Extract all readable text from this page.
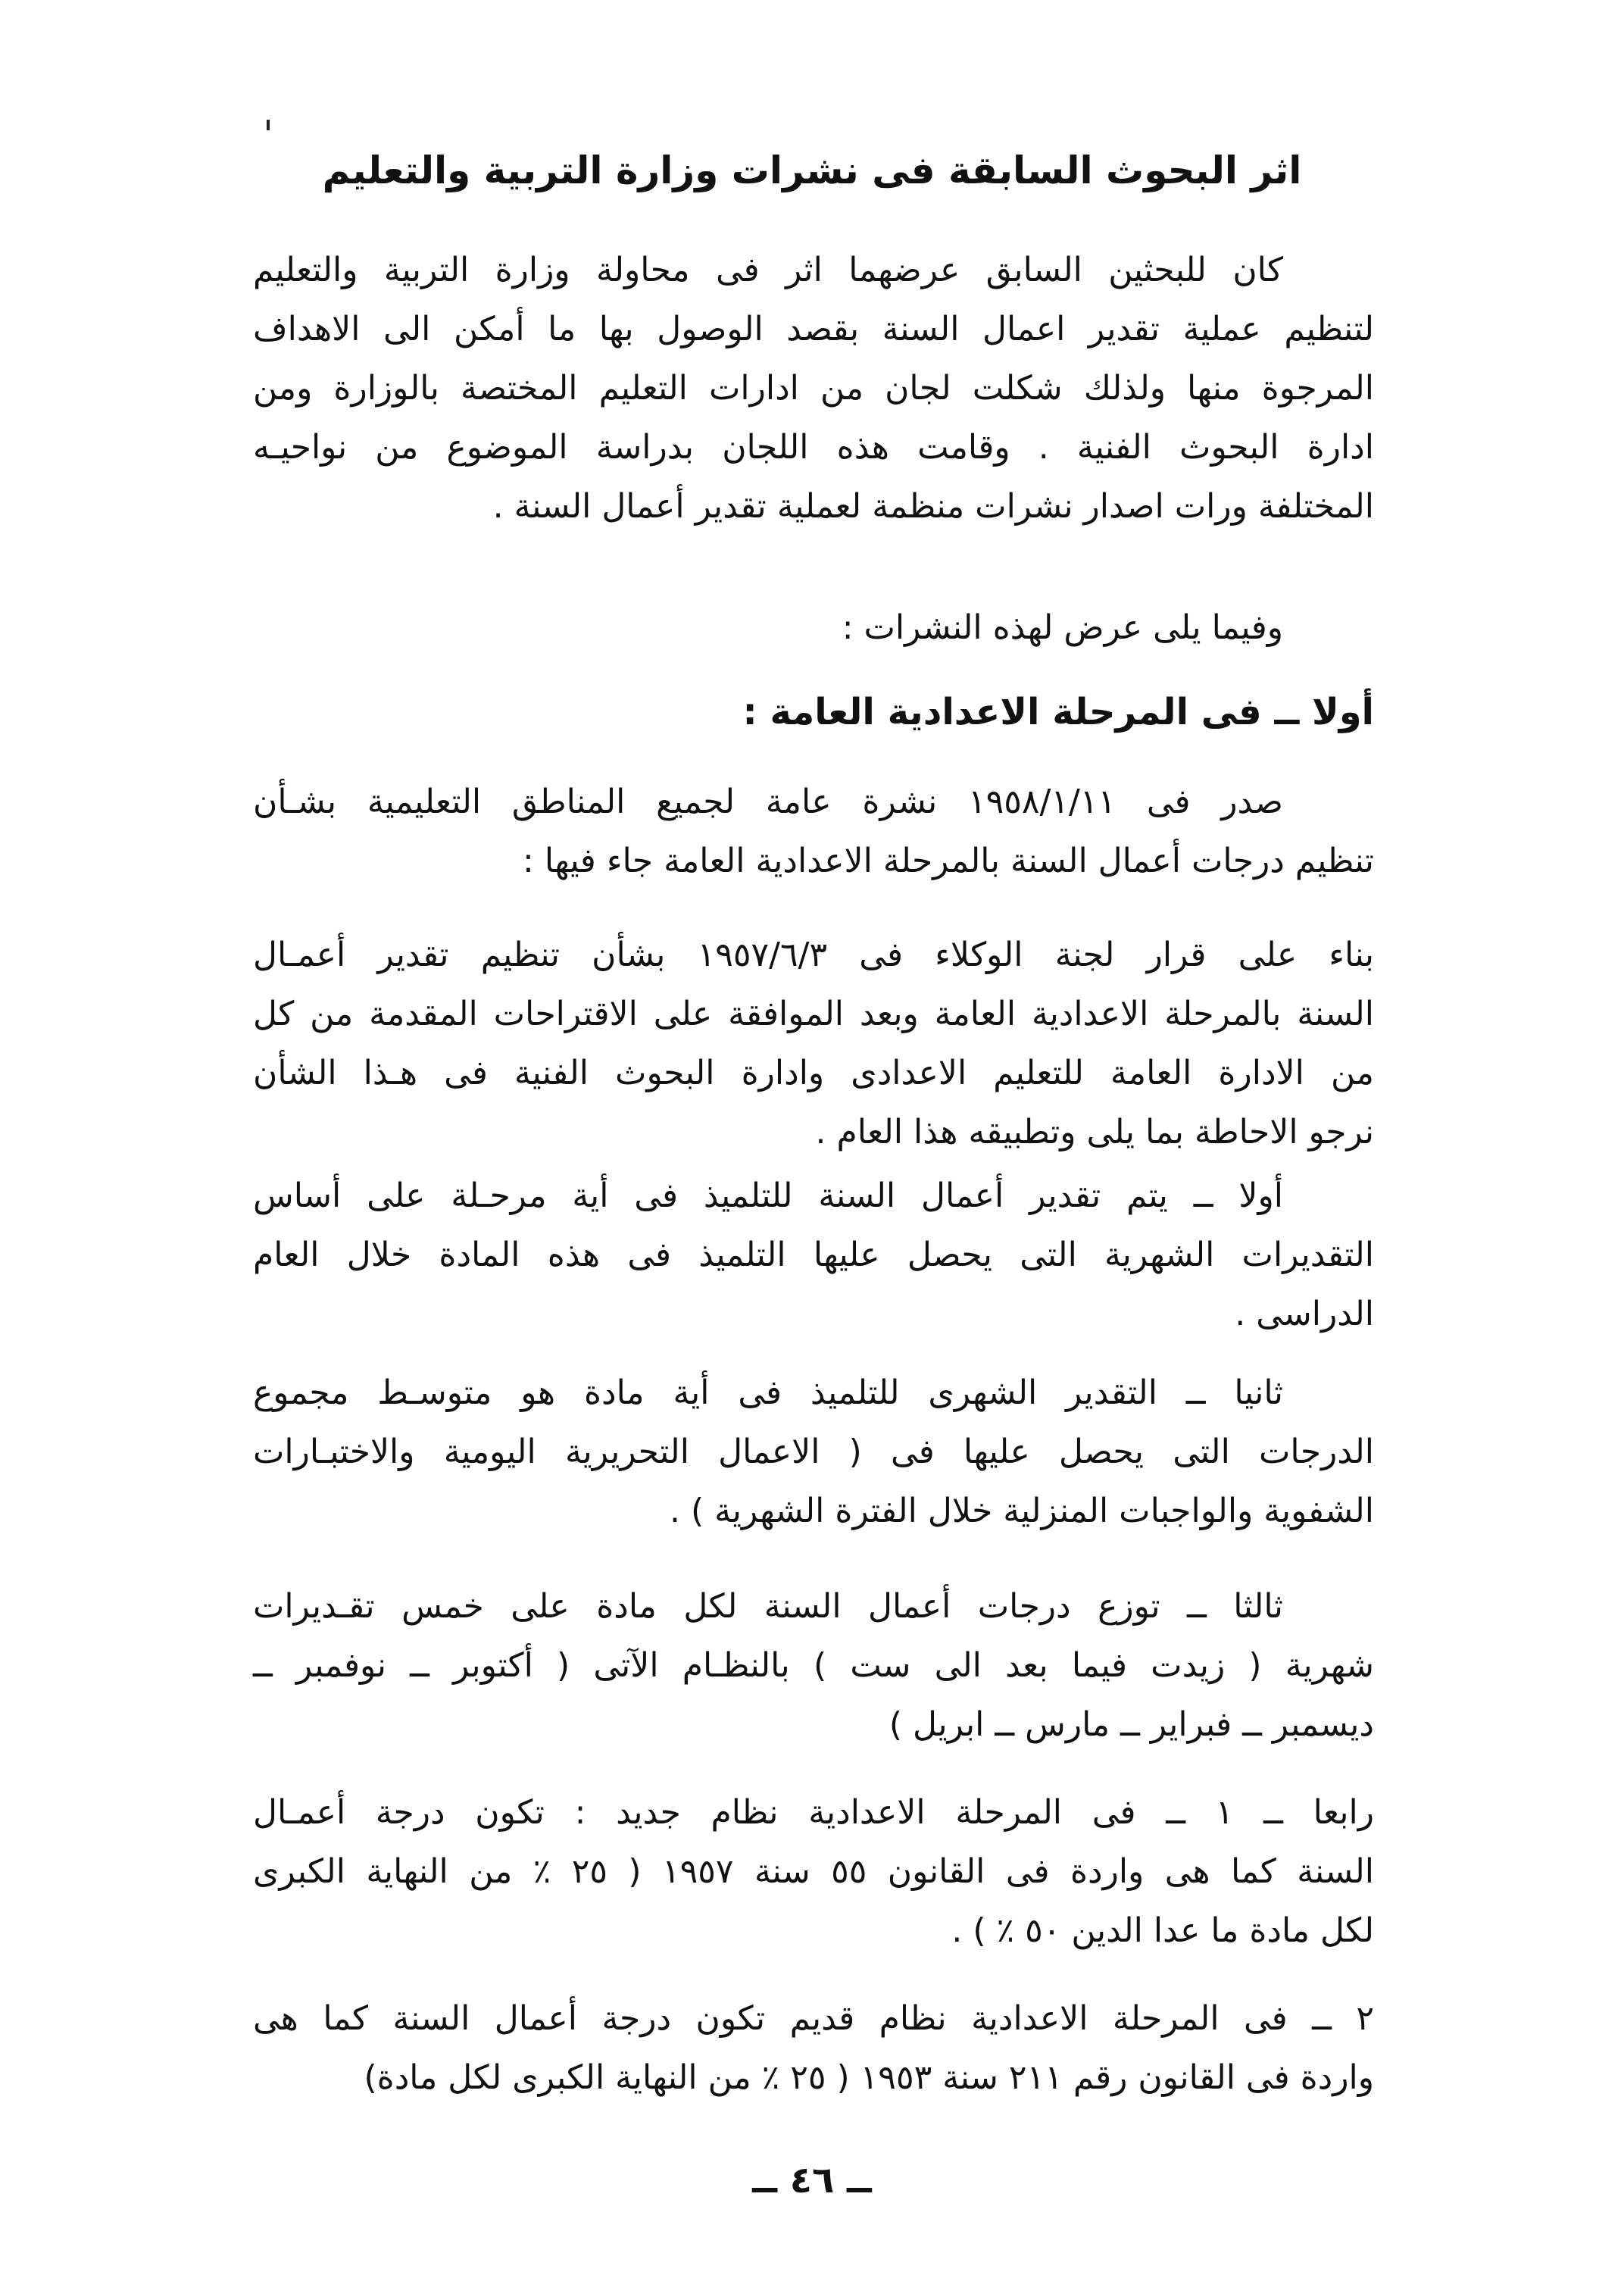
اثر البحوث السابقة فى نشرات وزارة التربية والتعليم
كان للبحثين السابق عرضهما اثر فى محاولة وزارة التربية والتعليم
لتنظيم عملية تقدير اعمال السنة بقصد الوصول بها ما أمكن الى الاهداف
المرجوة منها ولذلك شكلت لجان من ادارات التعليم المختصة بالوزارة ومن
ادارة البحوث الفنية . وقامت هذه اللجان بدراسة الموضوع من نواحيـه
المختلفة ورات اصدار نشرات منظمة لعملية تقدير أعمال السنة .
وفيما يلى عرض لهذه النشرات :
أولا ــ فى المرحلة الاعدادية العامة :
صدر فى ١٩٥٨/١/١١ نشرة عامة لجميع المناطق التعليمية بشـأن
تنظيم درجات أعمال السنة بالمرحلة الاعدادية العامة جاء فيها :
بناء على قرار لجنة الوكلاء فى ١٩٥٧/٦/٣ بشأن تنظيم تقدير أعمـال
السنة بالمرحلة الاعدادية العامة وبعد الموافقة على الاقتراحات المقدمة من كل
من الادارة العامة للتعليم الاعدادى وادارة البحوث الفنية فى هـذا الشأن
نرجو الاحاطة بما يلى وتطبيقه هذا العام .
أولا ــ يتم تقدير أعمال السنة للتلميذ فى أية مرحـلة على أساس
التقديرات الشهرية التى يحصل عليها التلميذ فى هذه المادة خلال العام
الدراسى .
ثانيا ــ التقدير الشهرى للتلميذ فى أية مادة هو متوسـط مجموع
الدرجات التى يحصل عليها فى ( الاعمال التحريرية اليومية والاختبـارات
الشفوية والواجبات المنزلية خلال الفترة الشهرية ) .
ثالثا ــ توزع درجات أعمال السنة لكل مادة على خمس تقـديرات
شهرية ( زيدت فيما بعد الى ست ) بالنظـام الآتى ( أكتوبر ــ نوفمبر ــ
ديسمبر ــ فبراير ــ مارس ــ ابريل )
رابعا ــ ١ ــ فى المرحلة الاعدادية نظام جديد : تكون درجة أعمـال
السنة كما هى واردة فى القانون ٥٥ سنة ١٩٥٧ ( ٢٥ ٪ من النهاية الكبرى
لكل مادة ما عدا الدين ٥٠ ٪ ) .
٢ ــ فى المرحلة الاعدادية نظام قديم تكون درجة أعمال السنة كما هى
واردة فى القانون رقم ٢١١ سنة ١٩٥٣ ( ٢٥ ٪ من النهاية الكبرى لكل مادة)
ــ ٤٦ ــ
